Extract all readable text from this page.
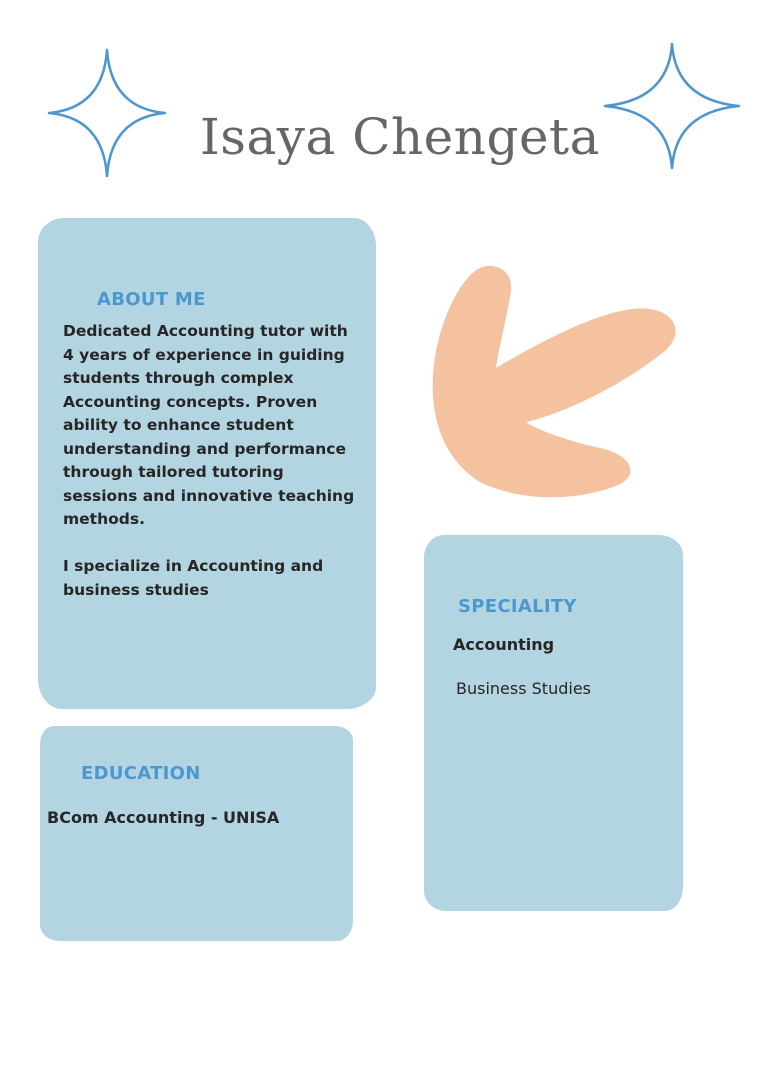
Isaya Chengeta
ABOUT ME
Dedicated Accounting tutor with 4 years of experience in guiding students through complex Accounting concepts. Proven ability to enhance student understanding and performance through tailored tutoring sessions and innovative teaching methods.

I specialize in Accounting and business studies
SPECIALITY
Accounting
Business Studies
EDUCATION
BCom Accounting - UNISA
